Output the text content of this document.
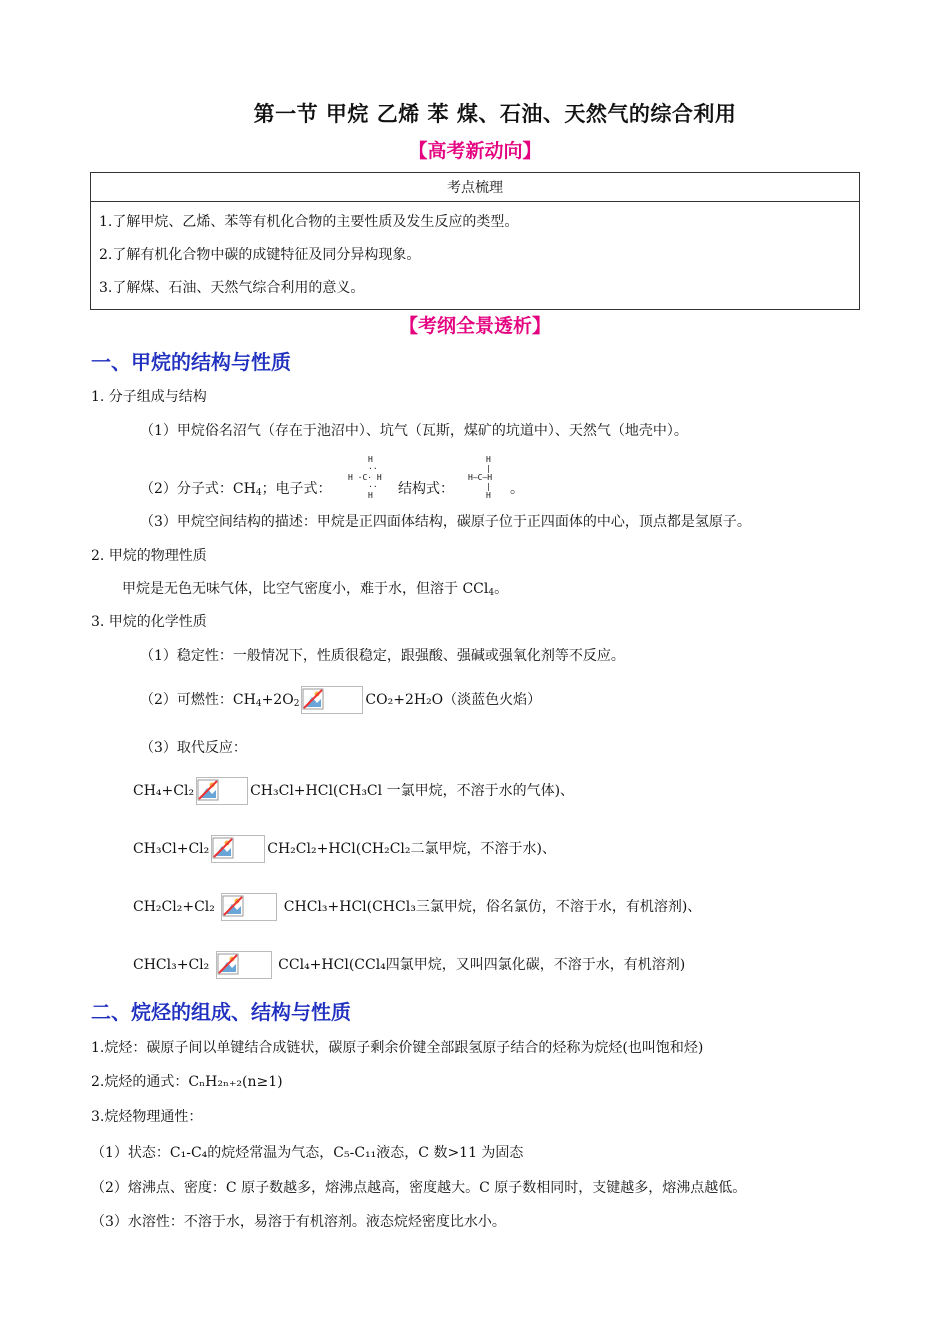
第一节 甲烷 乙烯 苯 煤、石油、天然气的综合利用
【高考新动向】
考点梳理

1.了解甲烷、乙烯、苯等有机化合物的主要性质及发生反应的类型。
2.了解有机化合物中碳的成键特征及同分异构现象。
3.了解煤、石油、天然气综合利用的意义。
【考纲全景透析】
一、甲烷的结构与性质
1. 分子组成与结构
（1）甲烷俗名沼气（存在于池沼中）、坑气（瓦斯，煤矿的坑道中）、天然气（地壳中）。
（2）分子式：$CH_4$；电子式：
H
··
H ·C· H
··
H	结构式：
H
|
H—C—H
|
H 。
（3）甲烷空间结构的描述：甲烷是正四面体结构，碳原子位于正四面体的中心，顶点都是氢原子。
2. 甲烷的物理性质
甲烷是无色无味气体，比空气密度小，难于水，但溶于 CCl$_4$。
3. 甲烷的化学性质
（1）稳定性：一般情况下，性质很稳定，跟强酸、强碱或强氧化剂等不反应。
（2）可燃性：$CH_4+2O_2$	CO₂+2H₂O（淡蓝色火焰）
（3）取代反应：
CH₄+Cl₂	CH₃Cl+HCl(CH₃Cl 一氯甲烷，不溶于水的气体)、
CH₃Cl+Cl₂	CH₂Cl₂+HCl(CH₂Cl₂二氯甲烷，不溶于水)、
CH₂Cl₂+Cl₂	CHCl₃+HCl(CHCl₃三氯甲烷，俗名氯仿，不溶于水，有机溶剂)、
CHCl₃+Cl₂	CCl₄+HCl(CCl₄四氯甲烷，又叫四氯化碳，不溶于水，有机溶剂)
二、烷烃的组成、结构与性质
1.烷烃：碳原子间以单键结合成链状，碳原子剩余价键全部跟氢原子结合的烃称为烷烃(也叫饱和烃)
2.烷烃的通式：CₙH₂ₙ₊₂(n≥1)
3.烷烃物理通性：
（1）状态：C₁-C₄的烷烃常温为气态，C₅-C₁₁液态，C 数>11 为固态
（2）熔沸点、密度：C 原子数越多，熔沸点越高，密度越大。C 原子数相同时，支键越多，熔沸点越低。
（3）水溶性：不溶于水，易溶于有机溶剂。液态烷烃密度比水小。
